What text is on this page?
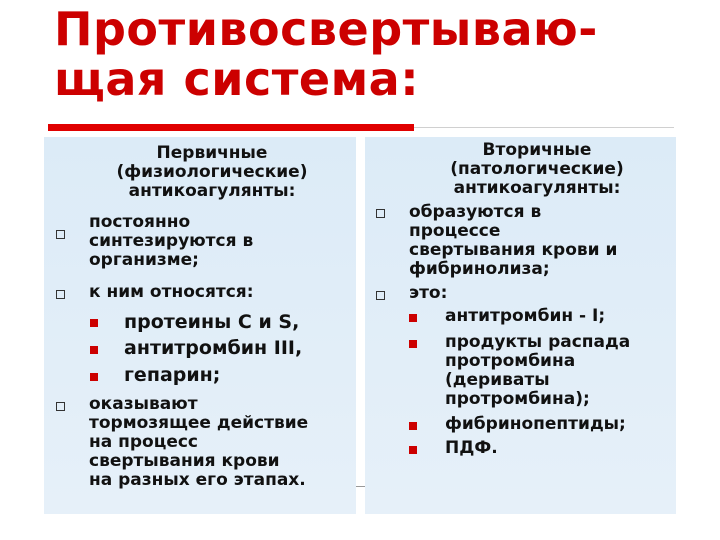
Противосвертываю-
щая система:
Первичные
(физиологические)
антикоагулянты:
постоянно
синтезируются в
организме;
к ним относятся:
протеины С и S,
антитромбин III,
гепарин;
оказывают
тормозящее действие
на процесс
свертывания крови
на разных его этапах.
Вторичные
(патологические)
антикоагулянты:
образуются в
процессе
свертывания крови и
фибринолиза;
это:
антитромбин - I;
продукты распада
протромбина
(дериваты
протромбина);
фибринопептиды;
ПДФ.
